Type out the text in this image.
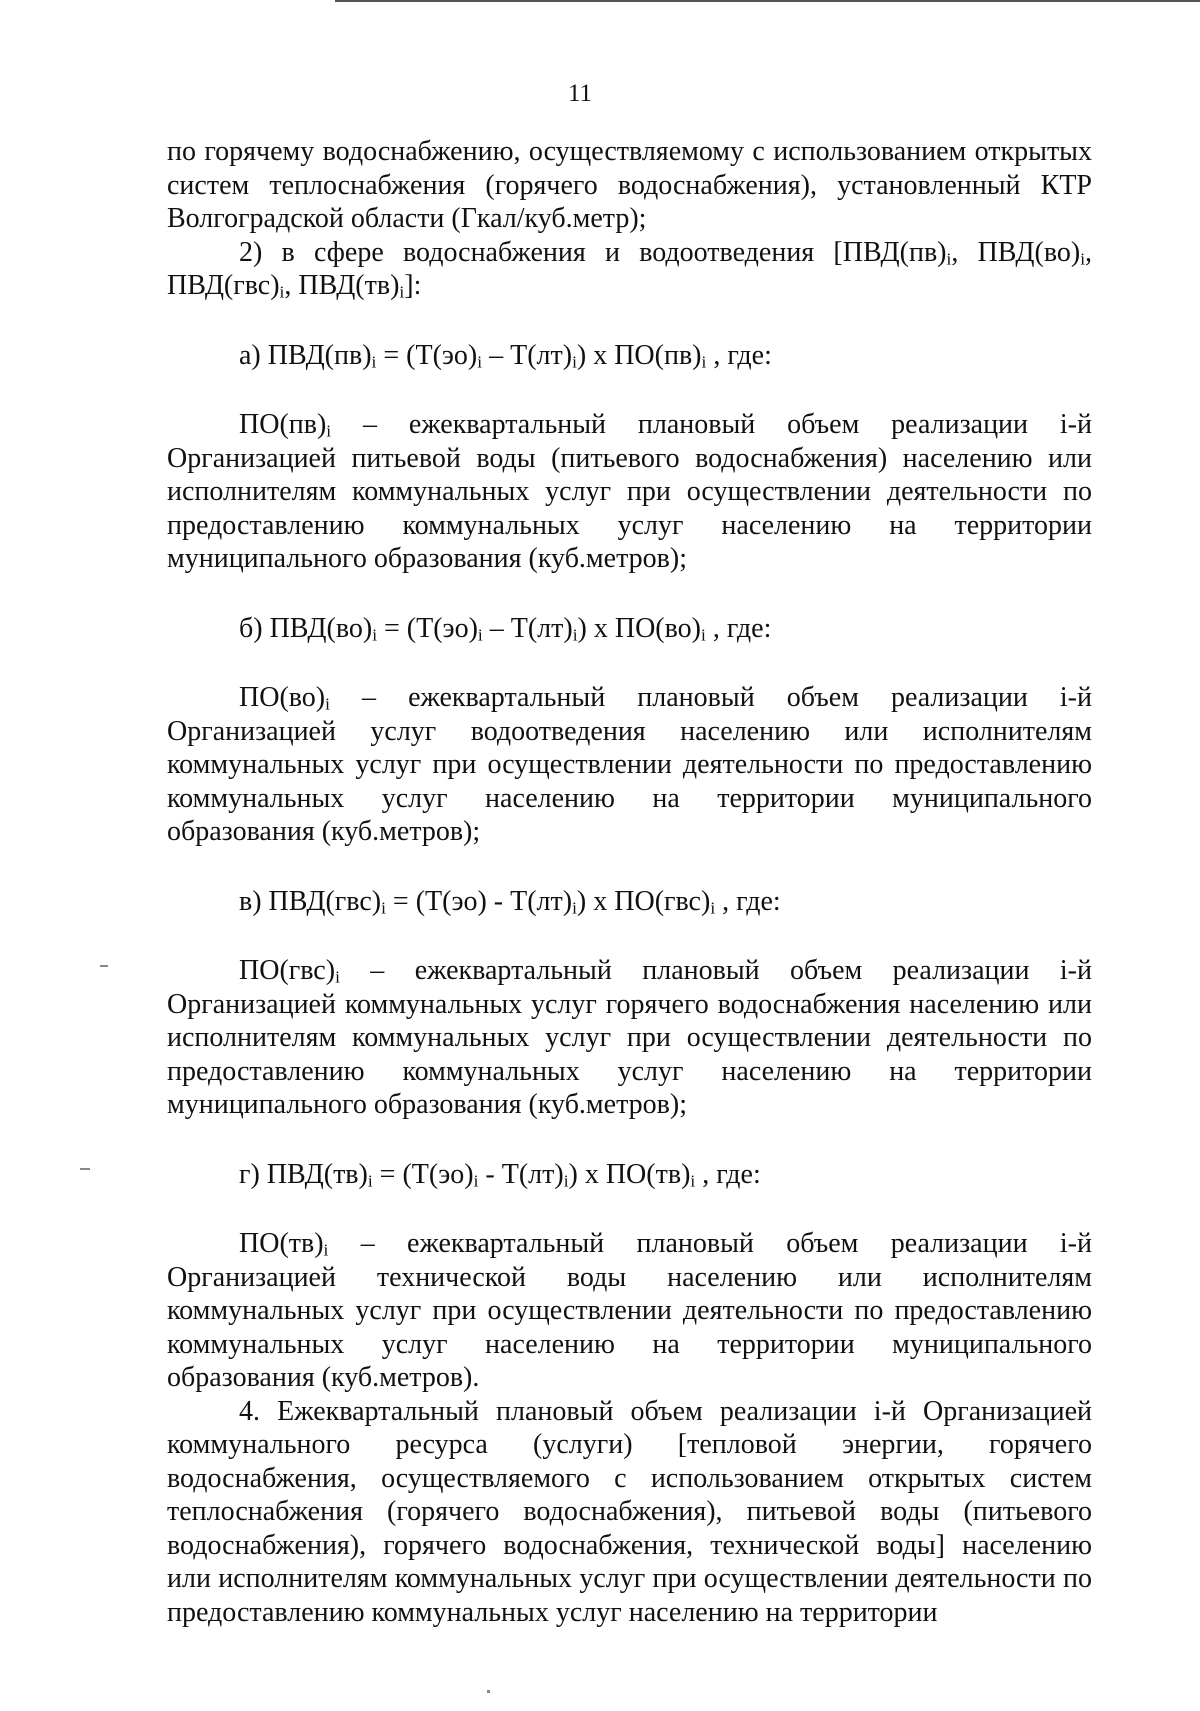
11

по горячему водоснабжению, осуществляемому с использованием открытых систем теплоснабжения (горячего водоснабжения), установленный КТР Волгоградской области (Гкал/куб.метр);

2) в сфере водоснабжения и водоотведения [$ПВД(пв)_i$, $ПВД(во)_i$, $ПВД(гвс)_i$, $ПВД(тв)_i$]:

а) $ПВД(пв)_i = (Т(эо)_i - Т(лт)_i)$ х $ПО(пв)_i$ , где:

$ПО(пв)_i$ – ежеквартальный плановый объем реализации i-й Организацией питьевой воды (питьевого водоснабжения) населению или исполнителям коммунальных услуг при осуществлении деятельности по предоставлению коммунальных услуг населению на территории муниципального образования (куб.метров);

б) $ПВД(во)_i = (Т(эо)_i - Т(лт)_i)$ х $ПО(во)_i$ , где:

$ПО(во)_i$ – ежеквартальный плановый объем реализации i-й Организацией услуг водоотведения населению или исполнителям коммунальных услуг при осуществлении деятельности по предоставлению коммунальных услуг населению на территории муниципального образования (куб.метров);

в) $ПВД(гвс)_i = (Т(эо) - Т(лт)_i)$ х $ПО(гвс)_i$ , где:

$ПО(гвс)_i$ – ежеквартальный плановый объем реализации i-й Организацией коммунальных услуг горячего водоснабжения населению или исполнителям коммунальных услуг при осуществлении деятельности по предоставлению коммунальных услуг населению на территории муниципального образования (куб.метров);

г) $ПВД(тв)_i = (Т(эо)_i - Т(лт)_i)$ х $ПО(тв)_i$ , где:

$ПО(тв)_i$ – ежеквартальный плановый объем реализации i-й Организацией технической воды населению или исполнителям коммунальных услуг при осуществлении деятельности по предоставлению коммунальных услуг населению на территории муниципального образования (куб.метров).

4. Ежеквартальный плановый объем реализации i-й Организацией коммунального ресурса (услуги) [тепловой энергии, горячего водоснабжения, осуществляемого с использованием открытых систем теплоснабжения (горячего водоснабжения), питьевой воды (питьевого водоснабжения), горячего водоснабжения, технической воды] населению или исполнителям коммунальных услуг при осуществлении деятельности по предоставлению коммунальных услуг населению на территории
